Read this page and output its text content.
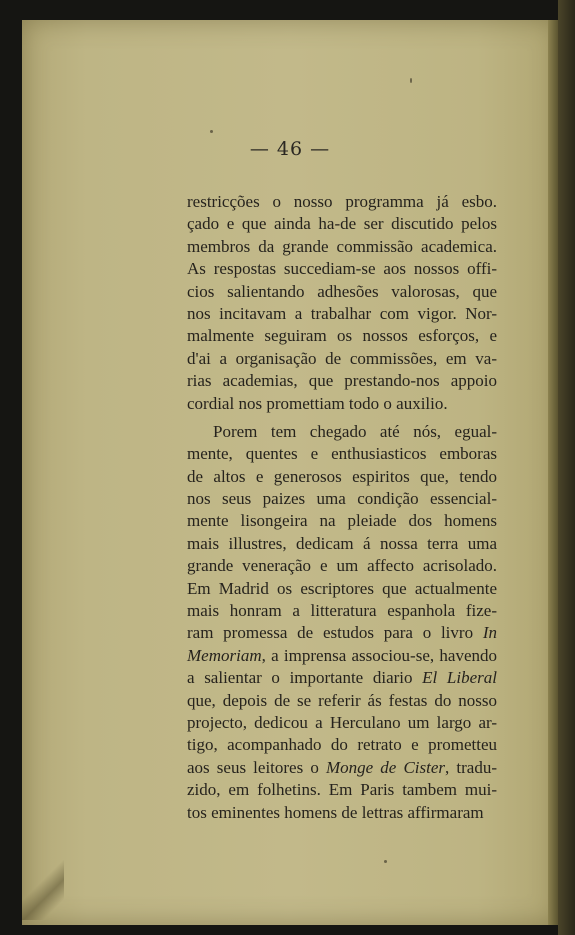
— 46 —
restricções o nosso programma já esbo.
çado e que ainda ha-de ser discutido pelos
membros da grande commissão academica.
As respostas succediam-se aos nossos offi-
cios salientando adhesões valorosas, que
nos incitavam a trabalhar com vigor. Nor-
malmente seguiram os nossos esforços, e
d'ai a organisação de commissões, em va-
rias academias, que prestando-nos appoio
cordial nos promettiam todo o auxilio.
Porem tem chegado até nós, egual-
mente, quentes e enthusiasticos emboras
de altos e generosos espiritos que, tendo
nos seus paizes uma condição essencial-
mente lisongeira na pleiade dos homens
mais illustres, dedicam á nossa terra uma
grande veneração e um affecto acrisolado.
Em Madrid os escriptores que actualmente
mais honram a litteratura espanhola fize-
ram promessa de estudos para o livro In
Memoriam, a imprensa associou-se, havendo
a salientar o importante diario El Liberal
que, depois de se referir ás festas do nosso
projecto, dedicou a Herculano um largo ar-
tigo, acompanhado do retrato e prometteu
aos seus leitores o Monge de Cister, tradu-
zido, em folhetins. Em Paris tambem mui-
tos eminentes homens de lettras affirmaram
